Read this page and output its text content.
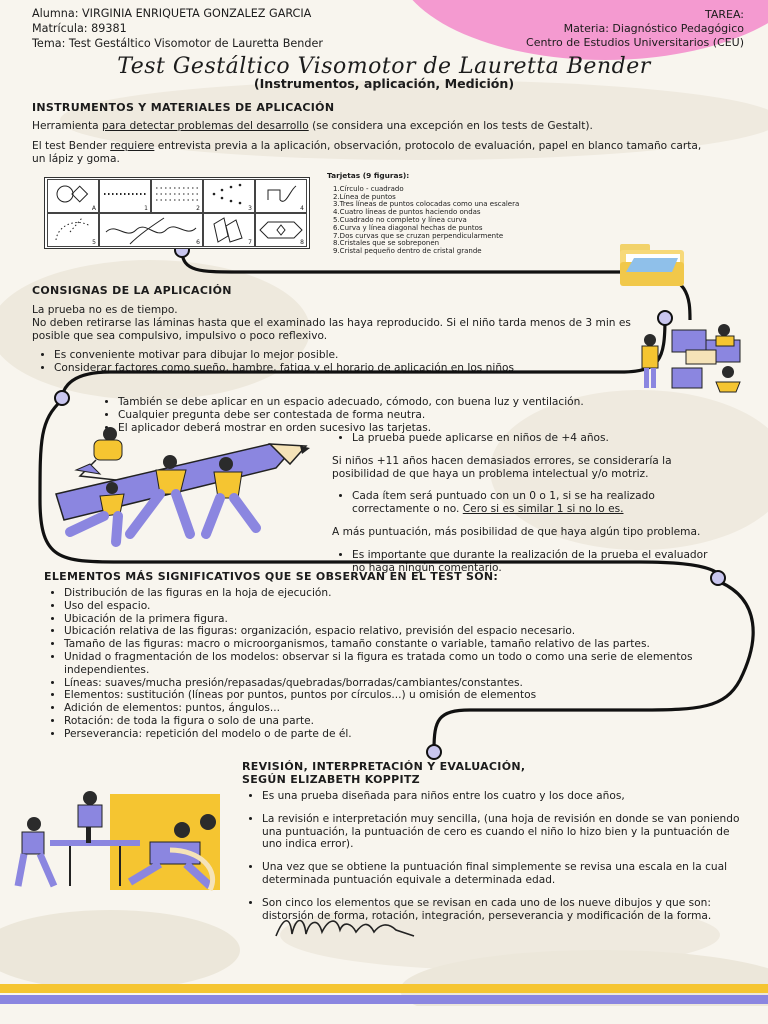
Alumna: VIRGINIA ENRIQUETA GONZALEZ GARCIA
Matrícula: 89381
Tema: Test Gestáltico Visomotor de Lauretta Bender
TAREA:
Materia: Diagnóstico Pedagógico
Centro de Estudios Universitarios (CEU)
Test Gestáltico Visomotor de Lauretta Bender
(Instrumentos, aplicación, Medición)
INSTRUMENTOS Y MATERIALES DE APLICACIÓN
Herramienta para detectar problemas del desarrollo (se considera una excepción en los tests de Gestalt).
El test Bender requiere entrevista previa a la aplicación, observación, protocolo de evaluación, papel en blanco tamaño carta, un lápiz y goma.
A	1	2	3	4
5	6	7	8
Tarjetas (9 figuras):
1.Círculo - cuadrado
2.Línea de puntos
3.Tres líneas de puntos colocadas como una escalera
4.Cuatro líneas de puntos haciendo ondas
5.Cuadrado no completo y línea curva
6.Curva y línea diagonal hechas de puntos
7.Dos curvas que se cruzan perpendicularmente
8.Cristales que se sobreponen
9.Cristal pequeño dentro de cristal grande
CONSIGNAS DE LA APLICACIÓN
La prueba no es de tiempo.
No deben retirarse las láminas hasta que el examinado las haya reproducido. Si el niño tarda menos de 3 min es posible que sea compulsivo, impulsivo o poco reflexivo.
• Es conveniente motivar para dibujar lo mejor posible.
• Considerar factores como sueño, hambre, fatiga y el horario de aplicación en los niños
• También se debe aplicar en un espacio adecuado, cómodo, con buena luz y ventilación.
• Cualquier pregunta debe ser contestada de forma neutra.
• El aplicador deberá mostrar en orden sucesivo las tarjetas.
• La prueba puede aplicarse en niños de +4 años.
Si niños +11 años hacen demasiados errores, se consideraría la posibilidad de que haya un problema intelectual y/o motriz.
• Cada ítem será puntuado con un 0 o 1, si se ha realizado correctamente o no. Cero si es similar 1 si no lo es.
A más puntuación, más posibilidad de que haya algún tipo problema.
• Es importante que durante la realización de la prueba el evaluador no haga ningún comentario.
ELEMENTOS MÁS SIGNIFICATIVOS QUE SE OBSERVAN EN EL TEST SON:
• Distribución de las figuras en la hoja de ejecución.
• Uso del espacio.
• Ubicación de la primera figura.
• Ubicación relativa de las figuras: organización, espacio relativo, previsión del espacio necesario.
• Tamaño de las figuras: macro o microorganismos, tamaño constante o variable, tamaño relativo de las partes.
• Unidad o fragmentación de los modelos: observar si la figura es tratada como un todo o como una serie de elementos independientes.
• Líneas: suaves/mucha presión/repasadas/quebradas/borradas/cambiantes/constantes.
• Elementos: sustitución (líneas por puntos, puntos por círculos...) u omisión de elementos
• Adición de elementos: puntos, ángulos...
• Rotación: de toda la figura o solo de una parte.
• Perseverancia: repetición del modelo o de parte de él.
REVISIÓN, INTERPRETACIÓN Y EVALUACIÓN,
SEGÚN ELIZABETH KOPPITZ
• Es una prueba diseñada para niños entre los cuatro y los doce años,
• La revisión e interpretación muy sencilla, (una hoja de revisión en donde se van poniendo una puntuación, la puntuación de cero es cuando el niño lo hizo bien y la puntuación de uno indica error).
• Una vez que se obtiene la puntuación final simplemente se revisa una escala en la cual determinada puntuación equivale a determinada edad.
• Son cinco los elementos que se revisan en cada uno de los nueve dibujos y que son: distorsión de forma, rotación, integración, perseverancia y modificación de la forma.
